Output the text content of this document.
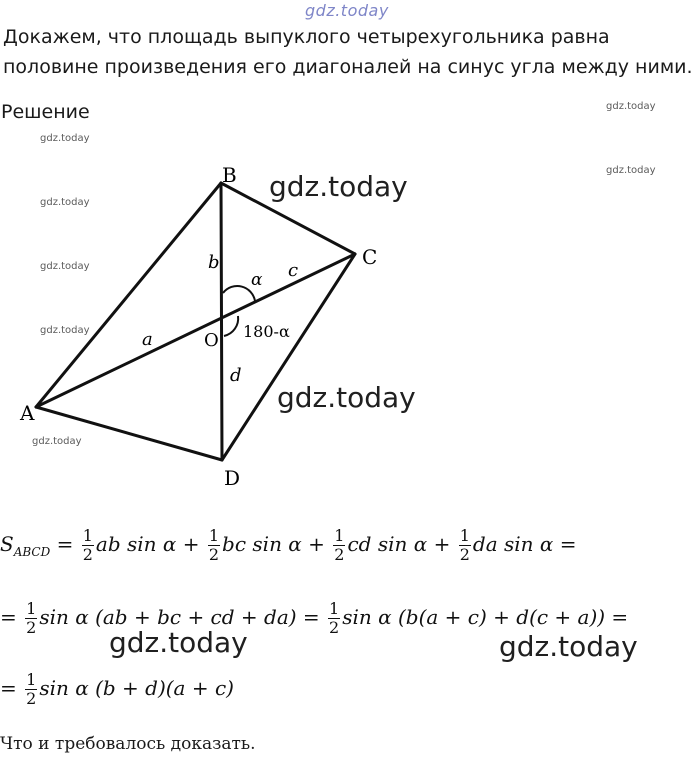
gdz.today
Докажем, что площадь выпуклого четырехугольника равна половине произведения его диагоналей на синус угла между ними.
Решение	gdz.today
gdz.today
gdz.today
gdz.today
gdz.today
gdz.today
gdz.today
B
C
A
D
O
a
b	c
d
α
180-α
gdz.today
gdz.today
$S_{ABCD} = \frac{1}{2}$ ab $\sin \alpha + \frac{1}{2}$ bc $\sin \alpha + \frac{1}{2}$ cd $\sin \alpha + \frac{1}{2}$ da sin α =
= $\frac{1}{2}$ sin α (ab + bc + cd + $da) = \frac{1}{2}$ sin α (b(a + c) + d(c + a)) =
gdz.today	gdz.today
= $\frac{1}{2}$ sin α (b + d)(a + c)
Что и требовалось доказать.
